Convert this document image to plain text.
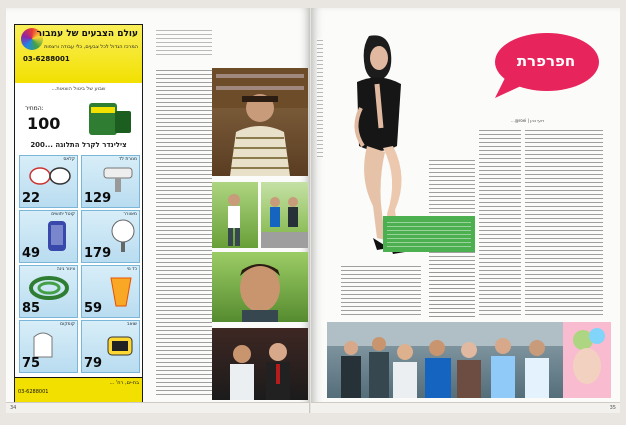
עולם הצבעים של עמבור
המרכז הגדול לכל צבעים, כלי עבודה ורצפות
03-6288001
שבוע של ביטול הוצאות...
המחיר:
100
צילינדר לקרל התלוגה ...200
קלאס
22
מנורת לד
129
קוטל יתושים
49
מאוורר
179
צינור גינה
85
כד נוי
59
קומקום
75
שואב
79
בת-ים, רח' ...
03-6288001
34
חפרפרת
רועי כהן | roei@...
35
